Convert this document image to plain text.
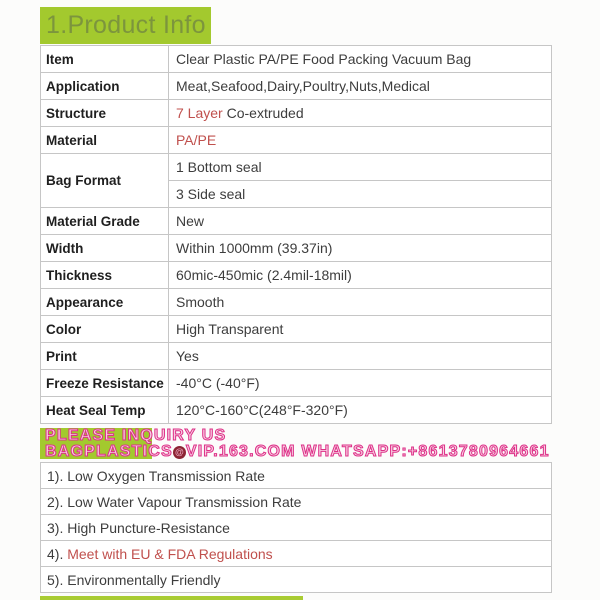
1.Product Info
Item	Clear Plastic PA/PE Food Packing Vacuum Bag
Application	Meat,Seafood,Dairy,Poultry,Nuts,Medical
Structure	7 Layer Co-extruded
Material	PA/PE
Bag Format	1 Bottom seal
	3 Side seal
Material Grade	New
Width	Within 1000mm (39.37in)
Thickness	60mic-450mic (2.4mil-18mil)
Appearance	Smooth
Color	High Transparent
Print	Yes
Freeze Resistance	-40°C (-40°F)
Heat Seal Temp	120°C-160°C(248°F-320°F)
PLEASE INQUIRY US
BAGPLASTICS @ VIP.163.COM WHATSAPP:+8613780964661
1). Low Oxygen Transmission Rate
2). Low Water Vapour Transmission Rate
3). High Puncture-Resistance
4). Meet with EU & FDA Regulations
5). Environmentally Friendly
